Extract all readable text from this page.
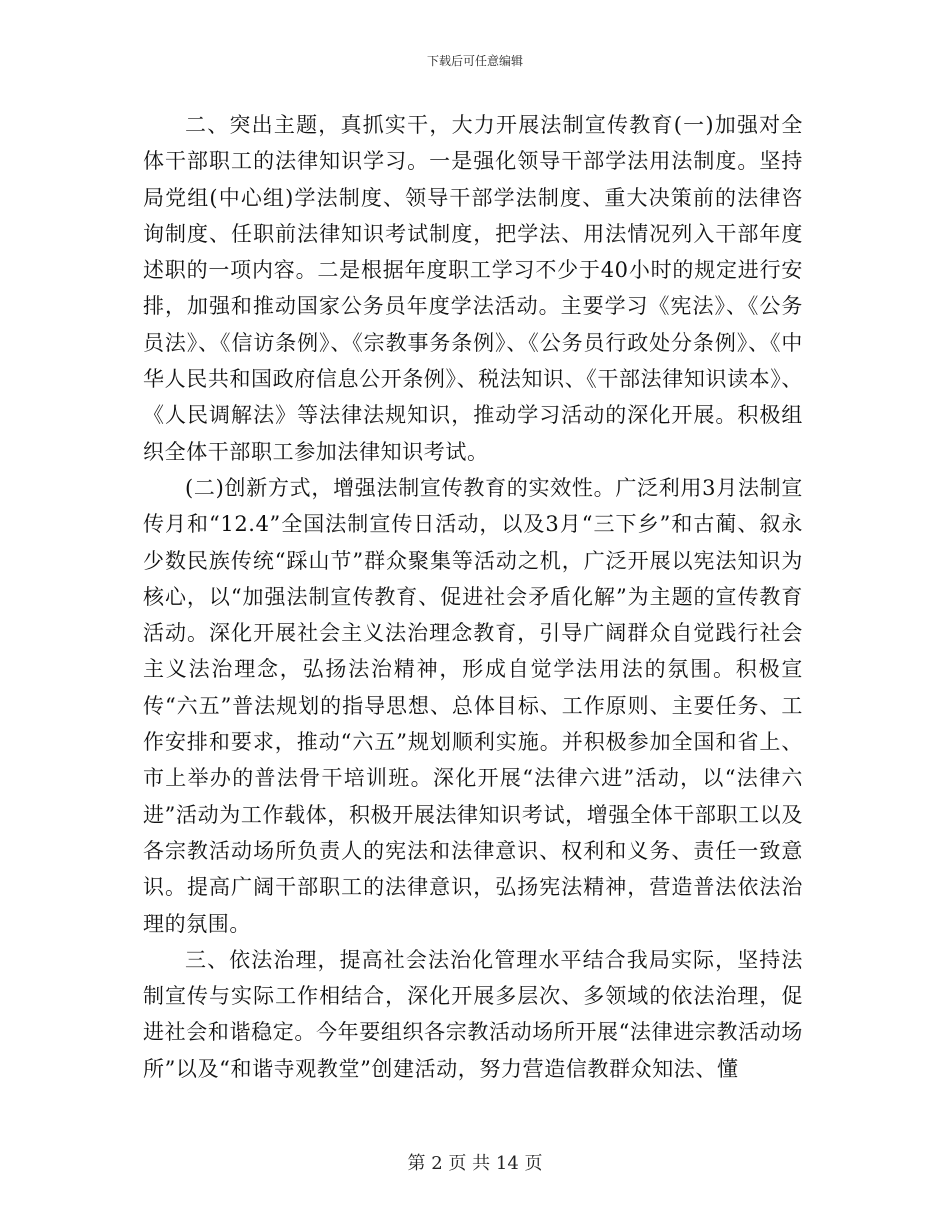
下载后可任意编辑

二、突出主题，真抓实干，大力开展法制宣传教育(一)加强对全体干部职工的法律知识学习。一是强化领导干部学法用法制度。坚持局党组(中心组)学法制度、领导干部学法制度、重大决策前的法律咨询制度、任职前法律知识考试制度，把学法、用法情况列入干部年度述职的一项内容。二是根据年度职工学习不少于40小时的规定进行安排，加强和推动国家公务员年度学法活动。主要学习《宪法》、《公务员法》、《信访条例》、《宗教事务条例》、《公务员行政处分条例》、《中华人民共和国政府信息公开条例》、税法知识、《干部法律知识读本》、《人民调解法》等法律法规知识，推动学习活动的深化开展。积极组织全体干部职工参加法律知识考试。

(二)创新方式，增强法制宣传教育的实效性。广泛利用3月法制宣传月和“12.4”全国法制宣传日活动，以及3月“三下乡”和古蔺、叙永少数民族传统“踩山节”群众聚集等活动之机，广泛开展以宪法知识为核心，以“加强法制宣传教育、促进社会矛盾化解”为主题的宣传教育活动。深化开展社会主义法治理念教育，引导广阔群众自觉践行社会主义法治理念，弘扬法治精神，形成自觉学法用法的氛围。积极宣传“六五”普法规划的指导思想、总体目标、工作原则、主要任务、工作安排和要求，推动“六五”规划顺利实施。并积极参加全国和省上、市上举办的普法骨干培训班。深化开展“法律六进”活动，以“法律六进”活动为工作载体，积极开展法律知识考试，增强全体干部职工以及各宗教活动场所负责人的宪法和法律意识、权利和义务、责任一致意识。提高广阔干部职工的法律意识，弘扬宪法精神，营造普法依法治理的氛围。

三、依法治理，提高社会法治化管理水平结合我局实际，坚持法制宣传与实际工作相结合，深化开展多层次、多领域的依法治理，促进社会和谐稳定。今年要组织各宗教活动场所开展“法律进宗教活动场所”以及“和谐寺观教堂”创建活动，努力营造信教群众知法、懂

第 2 页 共 14 页
